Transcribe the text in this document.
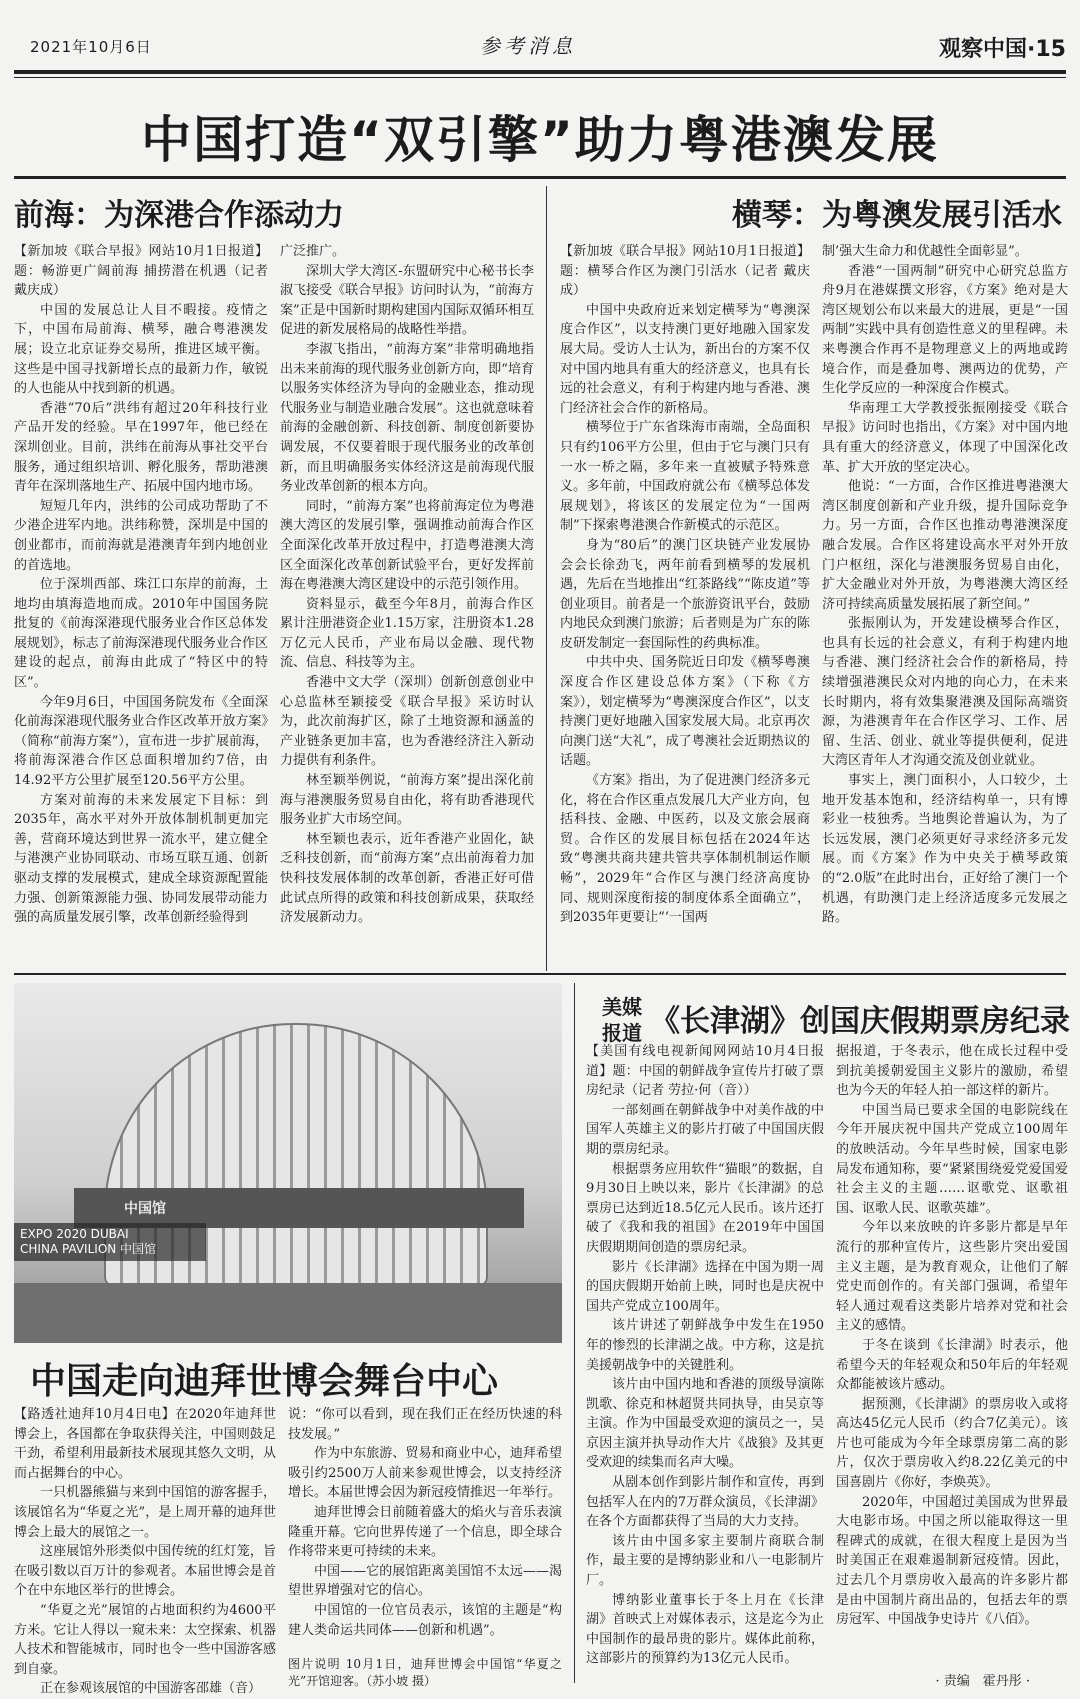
2021年10月6日	参考消息	观察中国·15
中国打造“双引擎”助力粤港澳发展
前海：为深港合作添动力

【新加坡《联合早报》网站10月1日报道】题：畅游更广阔前海 捕捞潜在机遇（记者 戴庆成）

中国的发展总让人目不暇接。疫情之下，中国布局前海、横琴，融合粤港澳发展；设立北京证券交易所，推进区域平衡。这些是中国寻找新增长点的最新力作，敏锐的人也能从中找到新的机遇。

香港“70后”洪纬有超过20年科技行业产品开发的经验。早在1997年，他已经在深圳创业。目前，洪纬在前海从事社交平台服务，通过组织培训、孵化服务，帮助港澳青年在深圳落地生产、拓展中国内地市场。

短短几年内，洪纬的公司成功帮助了不少港企进军内地。洪纬称赞，深圳是中国的创业都市，而前海就是港澳青年到内地创业的首选地。

位于深圳西部、珠江口东岸的前海，土地均由填海造地而成。2010年中国国务院批复的《前海深港现代服务业合作区总体发展规划》，标志了前海深港现代服务业合作区建设的起点，前海由此成了“特区中的特区”。

今年9月6日，中国国务院发布《全面深化前海深港现代服务业合作区改革开放方案》（简称“前海方案”），宣布进一步扩展前海，将前海深港合作区总面积增加约7倍，由14.92平方公里扩展至120.56平方公里。

方案对前海的未来发展定下目标：到2035年，高水平对外开放体制机制更加完善，营商环境达到世界一流水平，建立健全与港澳产业协同联动、市场互联互通、创新驱动支撑的发展模式，建成全球资源配置能力强、创新策源能力强、协同发展带动能力强的高质量发展引擎，改革创新经验得到

广泛推广。

深圳大学大湾区-东盟研究中心秘书长李淑飞接受《联合早报》访问时认为，“前海方案”正是中国新时期构建国内国际双循环相互促进的新发展格局的战略性举措。

李淑飞指出，“前海方案”非常明确地指出未来前海的现代服务业创新方向，即“培育以服务实体经济为导向的金融业态，推动现代服务业与制造业融合发展”。这也就意味着前海的金融创新、科技创新、制度创新要协调发展，不仅要着眼于现代服务业的改革创新，而且明确服务实体经济这是前海现代服务业改革创新的根本方向。

同时，“前海方案”也将前海定位为粤港澳大湾区的发展引擎，强调推动前海合作区全面深化改革开放过程中，打造粤港澳大湾区全面深化改革创新试验平台，更好发挥前海在粤港澳大湾区建设中的示范引领作用。

资料显示，截至今年8月，前海合作区累计注册港资企业1.15万家，注册资本1.28万亿元人民币，产业布局以金融、现代物流、信息、科技等为主。

香港中文大学（深圳）创新创意创业中心总监林至颖接受《联合早报》采访时认为，此次前海扩区，除了土地资源和涵盖的产业链条更加丰富，也为香港经济注入新动力提供有利条件。

林至颖举例说，“前海方案”提出深化前海与港澳服务贸易自由化，将有助香港现代服务业扩大市场空间。

林至颖也表示，近年香港产业固化，缺乏科技创新，而“前海方案”点出前海着力加快科技发展体制的改革创新，香港正好可借此试点所得的政策和科技创新成果，获取经济发展新动力。

横琴：为粤澳发展引活水

【新加坡《联合早报》网站10月1日报道】题：横琴合作区为澳门引活水（记者 戴庆成）

中国中央政府近来划定横琴为“粤澳深度合作区”，以支持澳门更好地融入国家发展大局。受访人士认为，新出台的方案不仅对中国内地具有重大的经济意义，也具有长远的社会意义，有利于构建内地与香港、澳门经济社会合作的新格局。

横琴位于广东省珠海市南端，全岛面积只有约106平方公里，但由于它与澳门只有一水一桥之隔，多年来一直被赋予特殊意义。多年前，中国政府就公布《横琴总体发展规划》，将该区的发展定位为“一国两制”下探索粤港澳合作新模式的示范区。

身为“80后”的澳门区块链产业发展协会会长徐劲飞，两年前看到横琴的发展机遇，先后在当地推出“红茶路线”“陈皮道”等创业项目。前者是一个旅游资讯平台，鼓励内地民众到澳门旅游；后者则是为广东的陈皮研发制定一套国际性的药典标准。

中共中央、国务院近日印发《横琴粤澳深度合作区建设总体方案》（下称《方案》），划定横琴为“粤澳深度合作区”，以支持澳门更好地融入国家发展大局。北京再次向澳门送“大礼”，成了粤澳社会近期热议的话题。

《方案》指出，为了促进澳门经济多元化，将在合作区重点发展几大产业方向，包括科技、金融、中医药，以及文旅会展商贸。合作区的发展目标包括在2024年达致“粤澳共商共建共管共享体制机制运作顺畅”，2029年“合作区与澳门经济高度协同、规则深度衔接的制度体系全面确立”，到2035年更要让“‘一国两

制’强大生命力和优越性全面彰显”。

香港“一国两制”研究中心研究总监方舟9月在港媒撰文形容，《方案》绝对是大湾区规划公布以来最大的进展，更是“一国两制”实践中具有创造性意义的里程碑。未来粤澳合作再不是物理意义上的两地或跨境合作，而是叠加粤、澳两边的优势，产生化学反应的一种深度合作模式。

华南理工大学教授张振刚接受《联合早报》访问时也指出，《方案》对中国内地具有重大的经济意义，体现了中国深化改革、扩大开放的坚定决心。

他说：“一方面，合作区推进粤港澳大湾区制度创新和产业升级，提升国际竞争力。另一方面，合作区也推动粤港澳深度融合发展。合作区将建设高水平对外开放门户枢纽，深化与港澳服务贸易自由化，扩大金融业对外开放，为粤港澳大湾区经济可持续高质量发展拓展了新空间。”

张振刚认为，开发建设横琴合作区，也具有长远的社会意义，有利于构建内地与香港、澳门经济社会合作的新格局，持续增强港澳民众对内地的向心力，在未来长时期内，将有效集聚港澳及国际高端资源，为港澳青年在合作区学习、工作、居留、生活、创业、就业等提供便利，促进大湾区青年人才沟通交流及创业就业。

事实上，澳门面积小，人口较少，土地开发基本饱和，经济结构单一，只有博彩业一枝独秀。当地舆论普遍认为，为了长远发展，澳门必须更好寻求经济多元发展。而《方案》作为中央关于横琴政策的“2.0版”在此时出台，正好给了澳门一个机遇，有助澳门走上经济适度多元发展之路。

中国馆
EXPO 2020 DUBAI
CHINA PAVILION 中国馆
中国走向迪拜世博会舞台中心

【路透社迪拜10月4日电】在2020年迪拜世博会上，各国都在争取获得关注，中国则鼓足干劲，希望利用最新技术展现其悠久文明，从而占据舞台的中心。

一只机器熊猫与来到中国馆的游客握手，该展馆名为“华夏之光”，是上周开幕的迪拜世博会上最大的展馆之一。

这座展馆外形类似中国传统的红灯笼，旨在吸引数以百万计的参观者。本届世博会是首个在中东地区举行的世博会。

“华夏之光”展馆的占地面积约为4600平方米。它让人得以一窥未来：太空探索、机器人技术和智能城市，同时也令一些中国游客感到自豪。

正在参观该展馆的中国游客邵雄（音）

说：“你可以看到，现在我们正在经历快速的科技发展。”

作为中东旅游、贸易和商业中心，迪拜希望吸引约2500万人前来参观世博会，以支持经济增长。本届世博会因为新冠疫情推迟一年举行。

迪拜世博会日前随着盛大的焰火与音乐表演隆重开幕。它向世界传递了一个信息，即全球合作将带来更可持续的未来。

中国——它的展馆距离美国馆不太远——渴望世界增强对它的信心。

中国馆的一位官员表示，该馆的主题是“构建人类命运共同体——创新和机遇”。

图片说明 10月1日，迪拜世博会中国馆“华夏之光”开馆迎客。（苏小坡 摄）
美媒
报道 《长津湖》创国庆假期票房纪录

【美国有线电视新闻网网站10月4日报道】题：中国的朝鲜战争宣传片打破了票房纪录（记者 劳拉·何（音））

一部刻画在朝鲜战争中对美作战的中国军人英雄主义的影片打破了中国国庆假期的票房纪录。

根据票务应用软件“猫眼”的数据，自9月30日上映以来，影片《长津湖》的总票房已达到近18.5亿元人民币。该片还打破了《我和我的祖国》在2019年中国国庆假期期间创造的票房纪录。

影片《长津湖》选择在中国为期一周的国庆假期开始前上映，同时也是庆祝中国共产党成立100周年。

该片讲述了朝鲜战争中发生在1950年的惨烈的长津湖之战。中方称，这是抗美援朝战争中的关键胜利。

该片由中国内地和香港的顶级导演陈凯歌、徐克和林超贤共同执导，由吴京等主演。作为中国最受欢迎的演员之一，吴京因主演并执导动作大片《战狼》及其更受欢迎的续集而名声大噪。

从剧本创作到影片制作和宣传，再到包括军人在内的7万群众演员，《长津湖》在各个方面都获得了当局的大力支持。

该片由中国多家主要制片商联合制作，最主要的是博纳影业和八一电影制片厂。

博纳影业董事长于冬上月在《长津湖》首映式上对媒体表示，这是迄今为止中国制作的最昂贵的影片。媒体此前称，这部影片的预算约为13亿元人民币。

据报道，于冬表示，他在成长过程中受到抗美援朝爱国主义影片的激励，希望也为今天的年轻人拍一部这样的新片。

中国当局已要求全国的电影院线在今年开展庆祝中国共产党成立100周年的放映活动。今年早些时候，国家电影局发布通知称，要“紧紧围绕爱党爱国爱社会主义的主题……讴歌党、讴歌祖国、讴歌人民、讴歌英雄”。

今年以来放映的许多影片都是早年流行的那种宣传片，这些影片突出爱国主义主题，是为教育观众，让他们了解党史而创作的。有关部门强调，希望年轻人通过观看这类影片培养对党和社会主义的感情。

于冬在谈到《长津湖》时表示，他希望今天的年轻观众和50年后的年轻观众都能被该片感动。

据预测，《长津湖》的票房收入或将高达45亿元人民币（约合7亿美元）。该片也可能成为今年全球票房第二高的影片，仅次于票房收入约8.22亿美元的中国喜剧片《你好，李焕英》。

2020年，中国超过美国成为世界最大电影市场。中国之所以能取得这一里程碑式的成就，在很大程度上是因为当时美国正在艰难遏制新冠疫情。因此，过去几个月票房收入最高的许多影片都是由中国制片商出品的，包括去年的票房冠军、中国战争史诗片《八佰》。

· 责编　霍丹彤 ·
